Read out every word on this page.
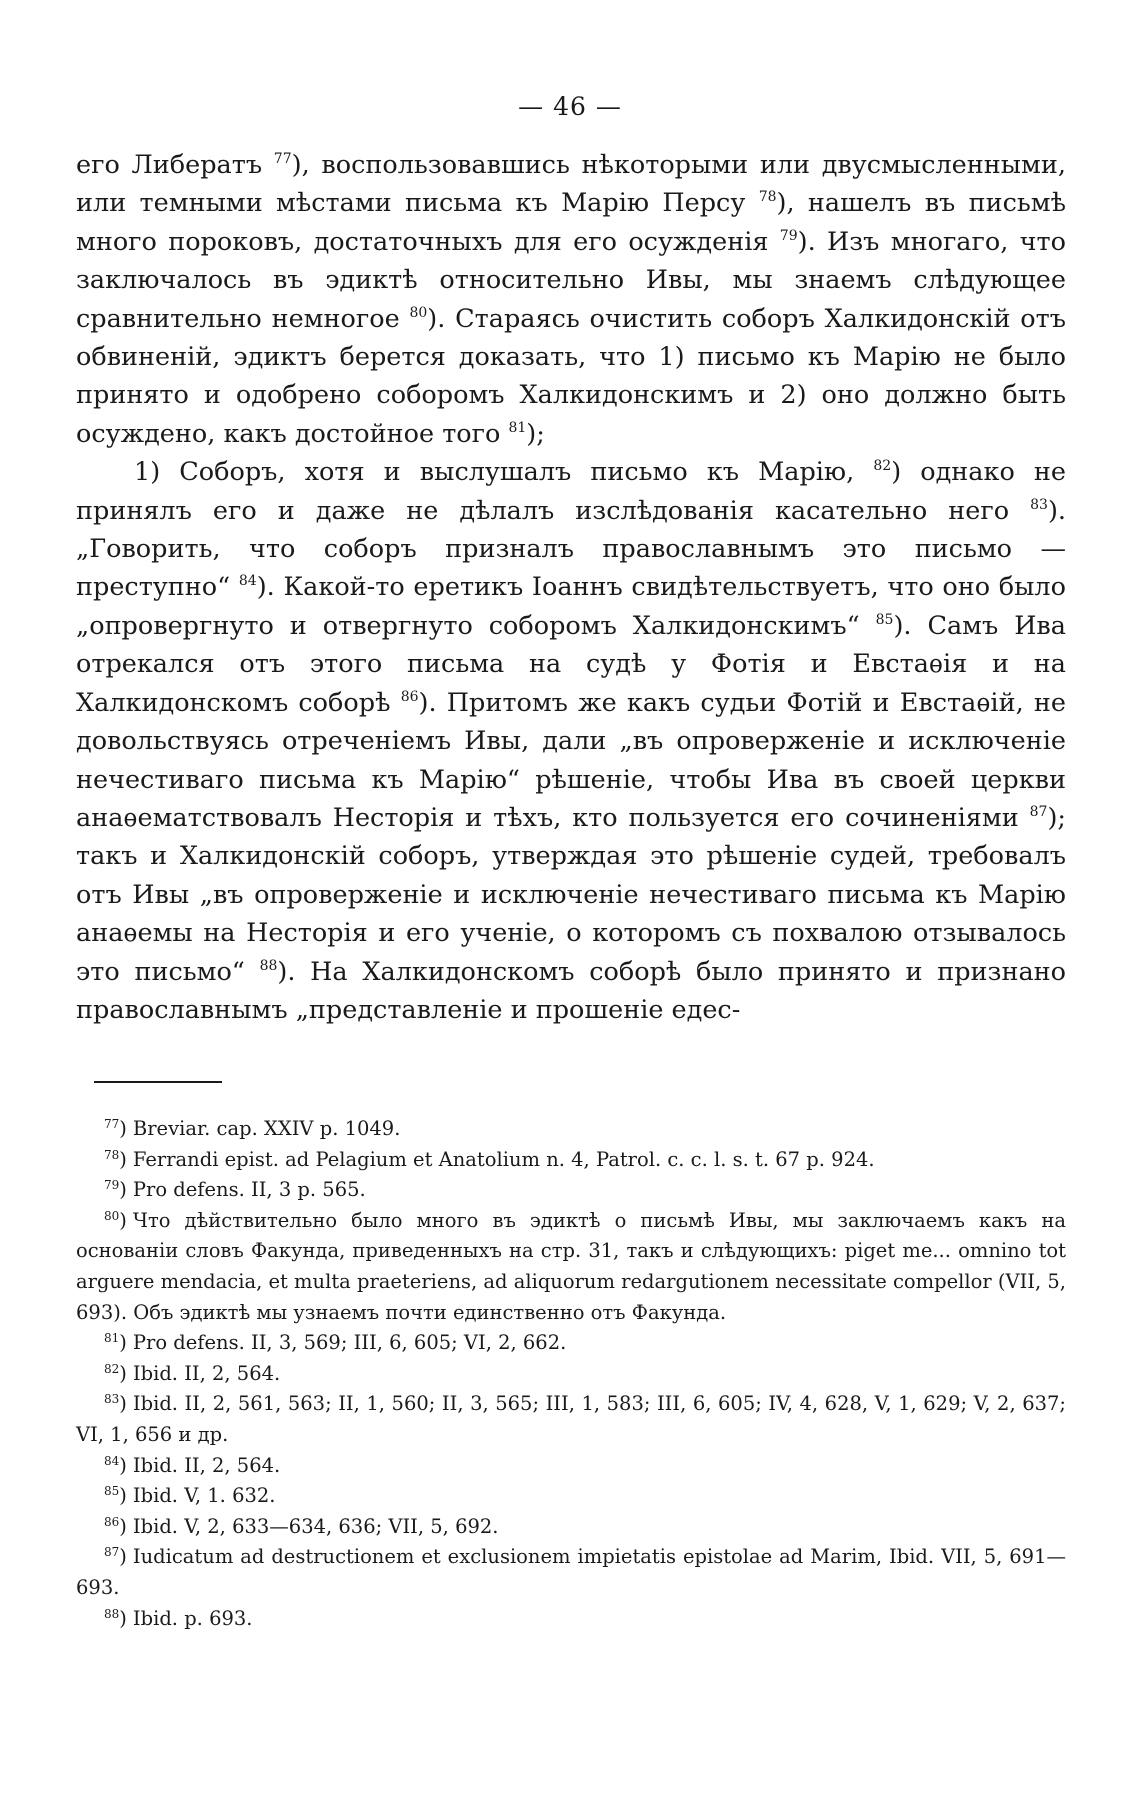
— 46 —

его Либератъ $^{77}$), воспользовавшись нѣкоторыми или двусмысленными, или темными мѣстами письма къ Марію Персу $^{78}$), нашелъ въ письмѣ много пороковъ, достаточныхъ для его осужденія $^{79}$). Изъ многаго, что заключалось въ эдиктѣ относительно Ивы, мы знаемъ слѣдующее сравнительно немногое $^{80}$). Стараясь очистить соборъ Халкидонскій отъ обвиненій, эдиктъ берется доказать, что 1) письмо къ Марію не было принято и одобрено соборомъ Халкидонскимъ и 2) оно должно быть осуждено, какъ достойное того $^{81}$);

1) Соборъ, хотя и выслушалъ письмо къ Марію, $^{82}$) однако не принялъ его и даже не дѣлалъ изслѣдованія касательно него $^{83}$). „Говорить, что соборъ призналъ православнымъ это письмо — преступно“ $^{84}$). Какой-то еретикъ Іоаннъ свидѣтельствуетъ, что оно было „опровергнуто и отвергнуто соборомъ Халкидонскимъ“ $^{85}$). Самъ Ива отрекался отъ этого письма на судѣ у Фотія и Евстаѳія и на Халкидонскомъ соборѣ $^{86}$). Притомъ же какъ судьи Фотій и Евстаѳій, не довольствуясь отреченіемъ Ивы, дали „въ опроверженіе и исключеніе нечестиваго письма къ Марію“ рѣшеніе, чтобы Ива въ своей церкви анаѳематствовалъ Несторія и тѣхъ, кто пользуется его сочиненіями $^{87}$); такъ и Халкидонскій соборъ, утверждая это рѣшеніе судей, требовалъ отъ Ивы „въ опроверженіе и исключеніе нечестиваго письма къ Марію анаѳемы на Несторія и его ученіе, о которомъ съ похвалою отзывалось это письмо“ $^{88}$). На Халкидонскомъ соборѣ было принято и признано православнымъ „представленіе и прошеніе едес-

$^{77}$) Breviar. cap. XXIV p. 1049.

$^{78}$) Ferrandi epist. ad Pelagium et Anatolium n. 4, Patrol. c. c. l. s. t. 67 p. 924.

$^{79}$) Pro defens. II, 3 p. 565.

$^{80}$) Что дѣйствительно было много въ эдиктѣ о письмѣ Ивы, мы заключаемъ какъ на основаніи словъ Факунда, приведенныхъ на стр. 31, такъ и слѣдующихъ: piget me... omnino tot arguere mendacia, et multa praeteriens, ad aliquorum redargutionem necessitate compellor (VII, 5, 693). Объ эдиктѣ мы узнаемъ почти единственно отъ Факунда.

$^{81}$) Pro defens. II, 3, 569; III, 6, 605; VI, 2, 662.

$^{82}$) Ibid. II, 2, 564.

$^{83}$) Ibid. II, 2, 561, 563; II, 1, 560; II, 3, 565; III, 1, 583; III, 6, 605; IV, 4, 628, V, 1, 629; V, 2, 637; VI, 1, 656 и др.

$^{84}$) Ibid. II, 2, 564.

$^{85}$) Ibid. V, 1. 632.

$^{86}$) Ibid. V, 2, 633—634, 636; VII, 5, 692.

$^{87}$) Iudicatum ad destructionem et exclusionem impietatis epistolae ad Marim, Ibid. VII, 5, 691—693.

$^{88}$) Ibid. p. 693.
